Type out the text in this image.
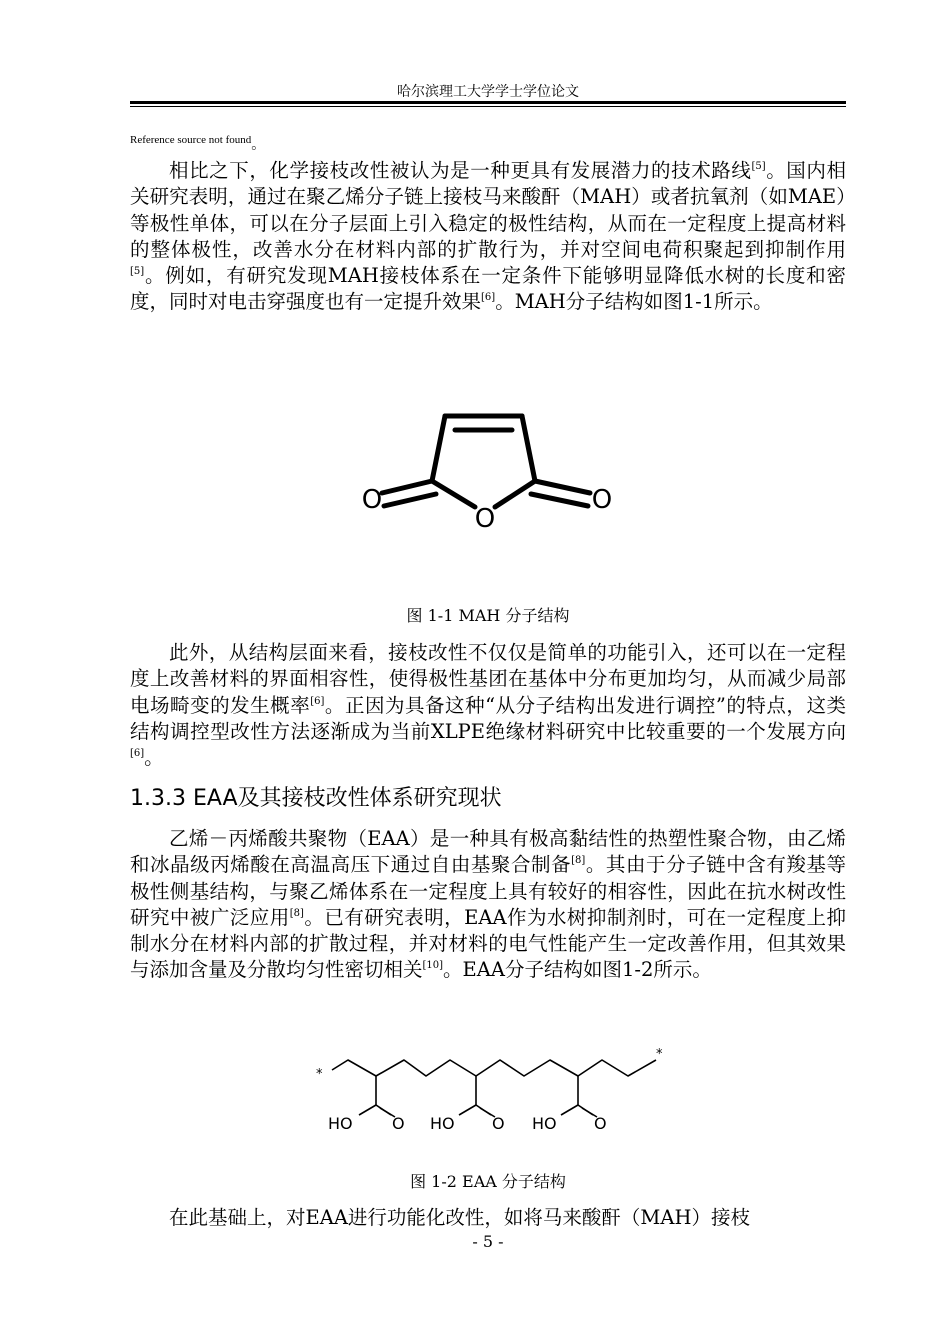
哈尔滨理工大学学士学位论文
Reference source not found。

相比之下，化学接枝改性被认为是一种更具有发展潜力的技术路线[5]。国内相关研究表明，通过在聚乙烯分子链上接枝马来酸酐（MAH）或者抗氧剂（如MAE）等极性单体，可以在分子层面上引入稳定的极性结构，从而在一定程度上提高材料的整体极性，改善水分在材料内部的扩散行为，并对空间电荷积聚起到抑制作用[5]。例如，有研究发现MAH接枝体系在一定条件下能够明显降低水树的长度和密度，同时对电击穿强度也有一定提升效果[6]。MAH分子结构如图1-1所示。

O
O
O
图 1-1 MAH 分子结构

此外，从结构层面来看，接枝改性不仅仅是简单的功能引入，还可以在一定程度上改善材料的界面相容性，使得极性基团在基体中分布更加均匀，从而减少局部电场畸变的发生概率[6]。正因为具备这种“从分子结构出发进行调控”的特点，这类结构调控型改性方法逐渐成为当前XLPE绝缘材料研究中比较重要的一个发展方向[6]。

1.3.3 EAA及其接枝改性体系研究现状

乙烯－丙烯酸共聚物（EAA）是一种具有极高黏结性的热塑性聚合物，由乙烯和冰晶级丙烯酸在高温高压下通过自由基聚合制备[8]。其由于分子链中含有羧基等极性侧基结构，与聚乙烯体系在一定程度上具有较好的相容性，因此在抗水树改性研究中被广泛应用[8]。已有研究表明，EAA作为水树抑制剂时，可在一定程度上抑制水分在材料内部的扩散过程，并对材料的电气性能产生一定改善作用，但其效果与添加含量及分散均匀性密切相关[10]。EAA分子结构如图1-2所示。

*
*
HO O HO O HO O
图 1-2 EAA 分子结构

在此基础上，对EAA进行功能化改性，如将马来酸酐（MAH）接枝

- 5 -
